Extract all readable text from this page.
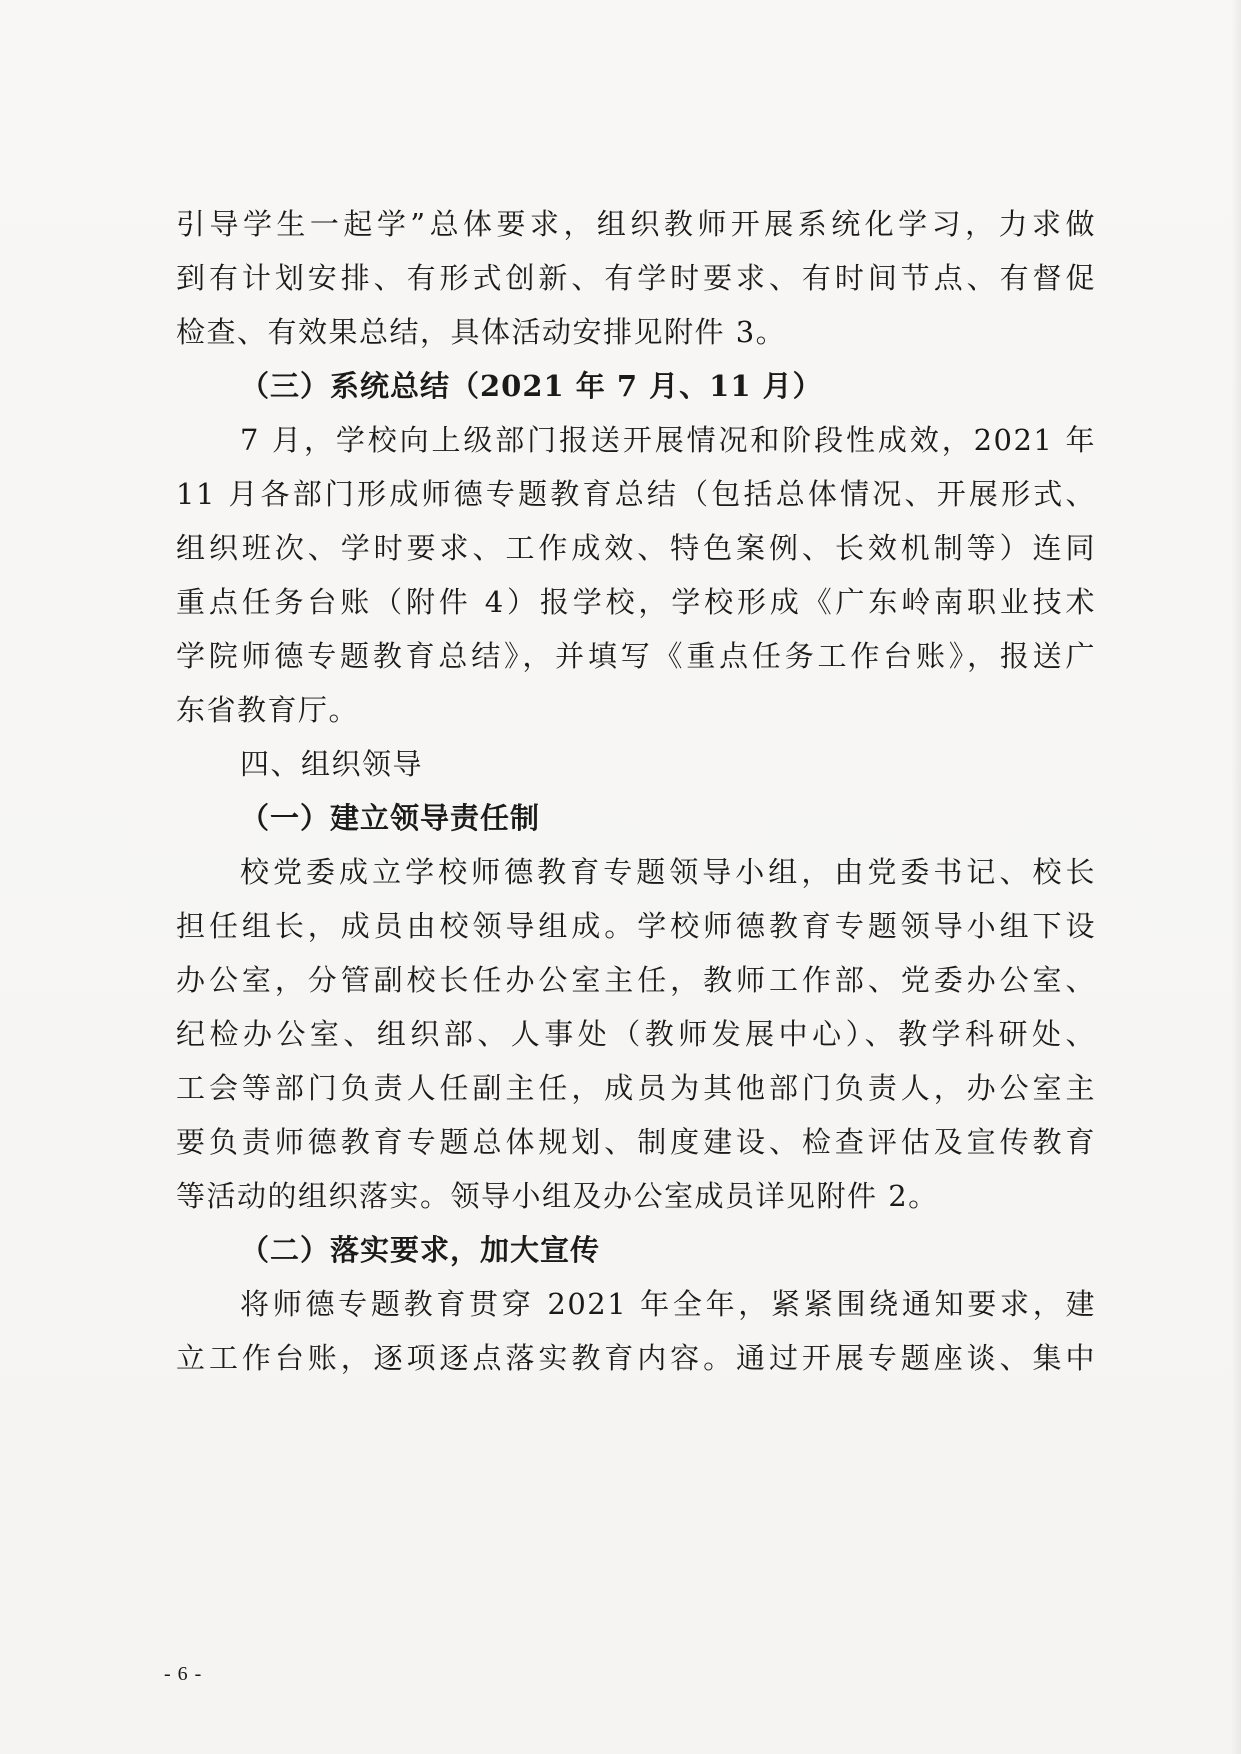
引导学生一起学”总体要求，组织教师开展系统化学习，力求做
到有计划安排、有形式创新、有学时要求、有时间节点、有督促
检查、有效果总结，具体活动安排见附件 3。
（三）系统总结（2021 年 7 月、11 月）
7 月，学校向上级部门报送开展情况和阶段性成效，2021 年
11 月各部门形成师德专题教育总结（包括总体情况、开展形式、
组织班次、学时要求、工作成效、特色案例、长效机制等）连同
重点任务台账（附件 4）报学校，学校形成《广东岭南职业技术
学院师德专题教育总结》，并填写《重点任务工作台账》，报送广
东省教育厅。
四、组织领导
（一）建立领导责任制
校党委成立学校师德教育专题领导小组，由党委书记、校长
担任组长，成员由校领导组成。学校师德教育专题领导小组下设
办公室，分管副校长任办公室主任，教师工作部、党委办公室、
纪检办公室、组织部、人事处（教师发展中心）、教学科研处、
工会等部门负责人任副主任，成员为其他部门负责人，办公室主
要负责师德教育专题总体规划、制度建设、检查评估及宣传教育
等活动的组织落实。领导小组及办公室成员详见附件 2。
（二）落实要求，加大宣传
将师德专题教育贯穿 2021 年全年，紧紧围绕通知要求，建
立工作台账，逐项逐点落实教育内容。通过开展专题座谈、集中
- 6 -
